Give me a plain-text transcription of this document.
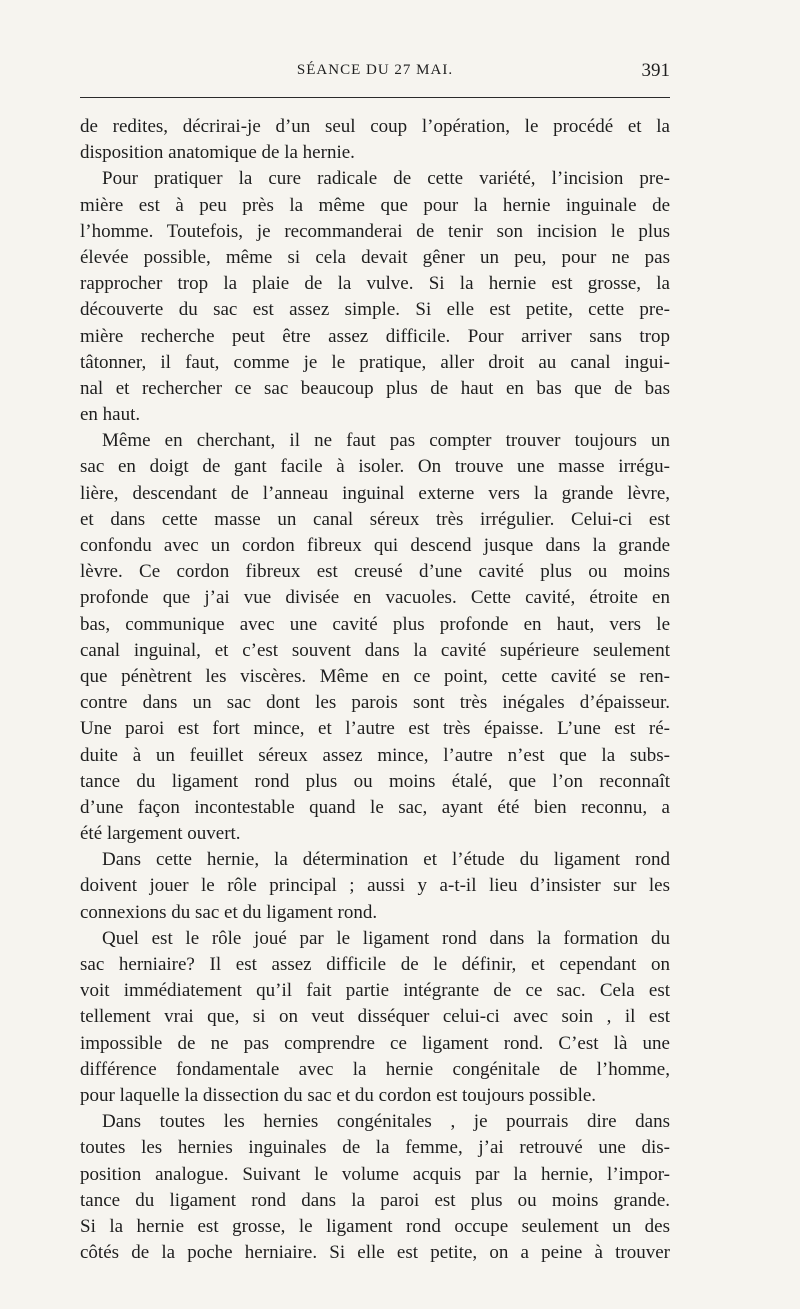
SÉANCE DU 27 MAI.	391
de redites, décrirai-je d’un seul coup l’opération, le procédé et la
disposition anatomique de la hernie.
Pour pratiquer la cure radicale de cette variété, l’incision pre-
mière est à peu près la même que pour la hernie inguinale de
l’homme. Toutefois, je recommanderai de tenir son incision le plus
élevée possible, même si cela devait gêner un peu, pour ne pas
rapprocher trop la plaie de la vulve. Si la hernie est grosse, la
découverte du sac est assez simple. Si elle est petite, cette pre-
mière recherche peut être assez difficile. Pour arriver sans trop
tâtonner, il faut, comme je le pratique, aller droit au canal ingui-
nal et rechercher ce sac beaucoup plus de haut en bas que de bas
en haut.
Même en cherchant, il ne faut pas compter trouver toujours un
sac en doigt de gant facile à isoler. On trouve une masse irrégu-
lière, descendant de l’anneau inguinal externe vers la grande lèvre,
et dans cette masse un canal séreux très irrégulier. Celui-ci est
confondu avec un cordon fibreux qui descend jusque dans la grande
lèvre. Ce cordon fibreux est creusé d’une cavité plus ou moins
profonde que j’ai vue divisée en vacuoles. Cette cavité, étroite en
bas, communique avec une cavité plus profonde en haut, vers le
canal inguinal, et c’est souvent dans la cavité supérieure seulement
que pénètrent les viscères. Même en ce point, cette cavité se ren-
contre dans un sac dont les parois sont très inégales d’épaisseur.
Une paroi est fort mince, et l’autre est très épaisse. L’une est ré-
duite à un feuillet séreux assez mince, l’autre n’est que la subs-
tance du ligament rond plus ou moins étalé, que l’on reconnaît
d’une façon incontestable quand le sac, ayant été bien reconnu, a
été largement ouvert.
Dans cette hernie, la détermination et l’étude du ligament rond
doivent jouer le rôle principal ; aussi y a-t-il lieu d’insister sur les
connexions du sac et du ligament rond.
Quel est le rôle joué par le ligament rond dans la formation du
sac herniaire? Il est assez difficile de le définir, et cependant on
voit immédiatement qu’il fait partie intégrante de ce sac. Cela est
tellement vrai que, si on veut disséquer celui-ci avec soin , il est
impossible de ne pas comprendre ce ligament rond. C’est là une
différence fondamentale avec la hernie congénitale de l’homme,
pour laquelle la dissection du sac et du cordon est toujours possible.
Dans toutes les hernies congénitales , je pourrais dire dans
toutes les hernies inguinales de la femme, j’ai retrouvé une dis-
position analogue. Suivant le volume acquis par la hernie, l’impor-
tance du ligament rond dans la paroi est plus ou moins grande.
Si la hernie est grosse, le ligament rond occupe seulement un des
côtés de la poche herniaire. Si elle est petite, on a peine à trouver
